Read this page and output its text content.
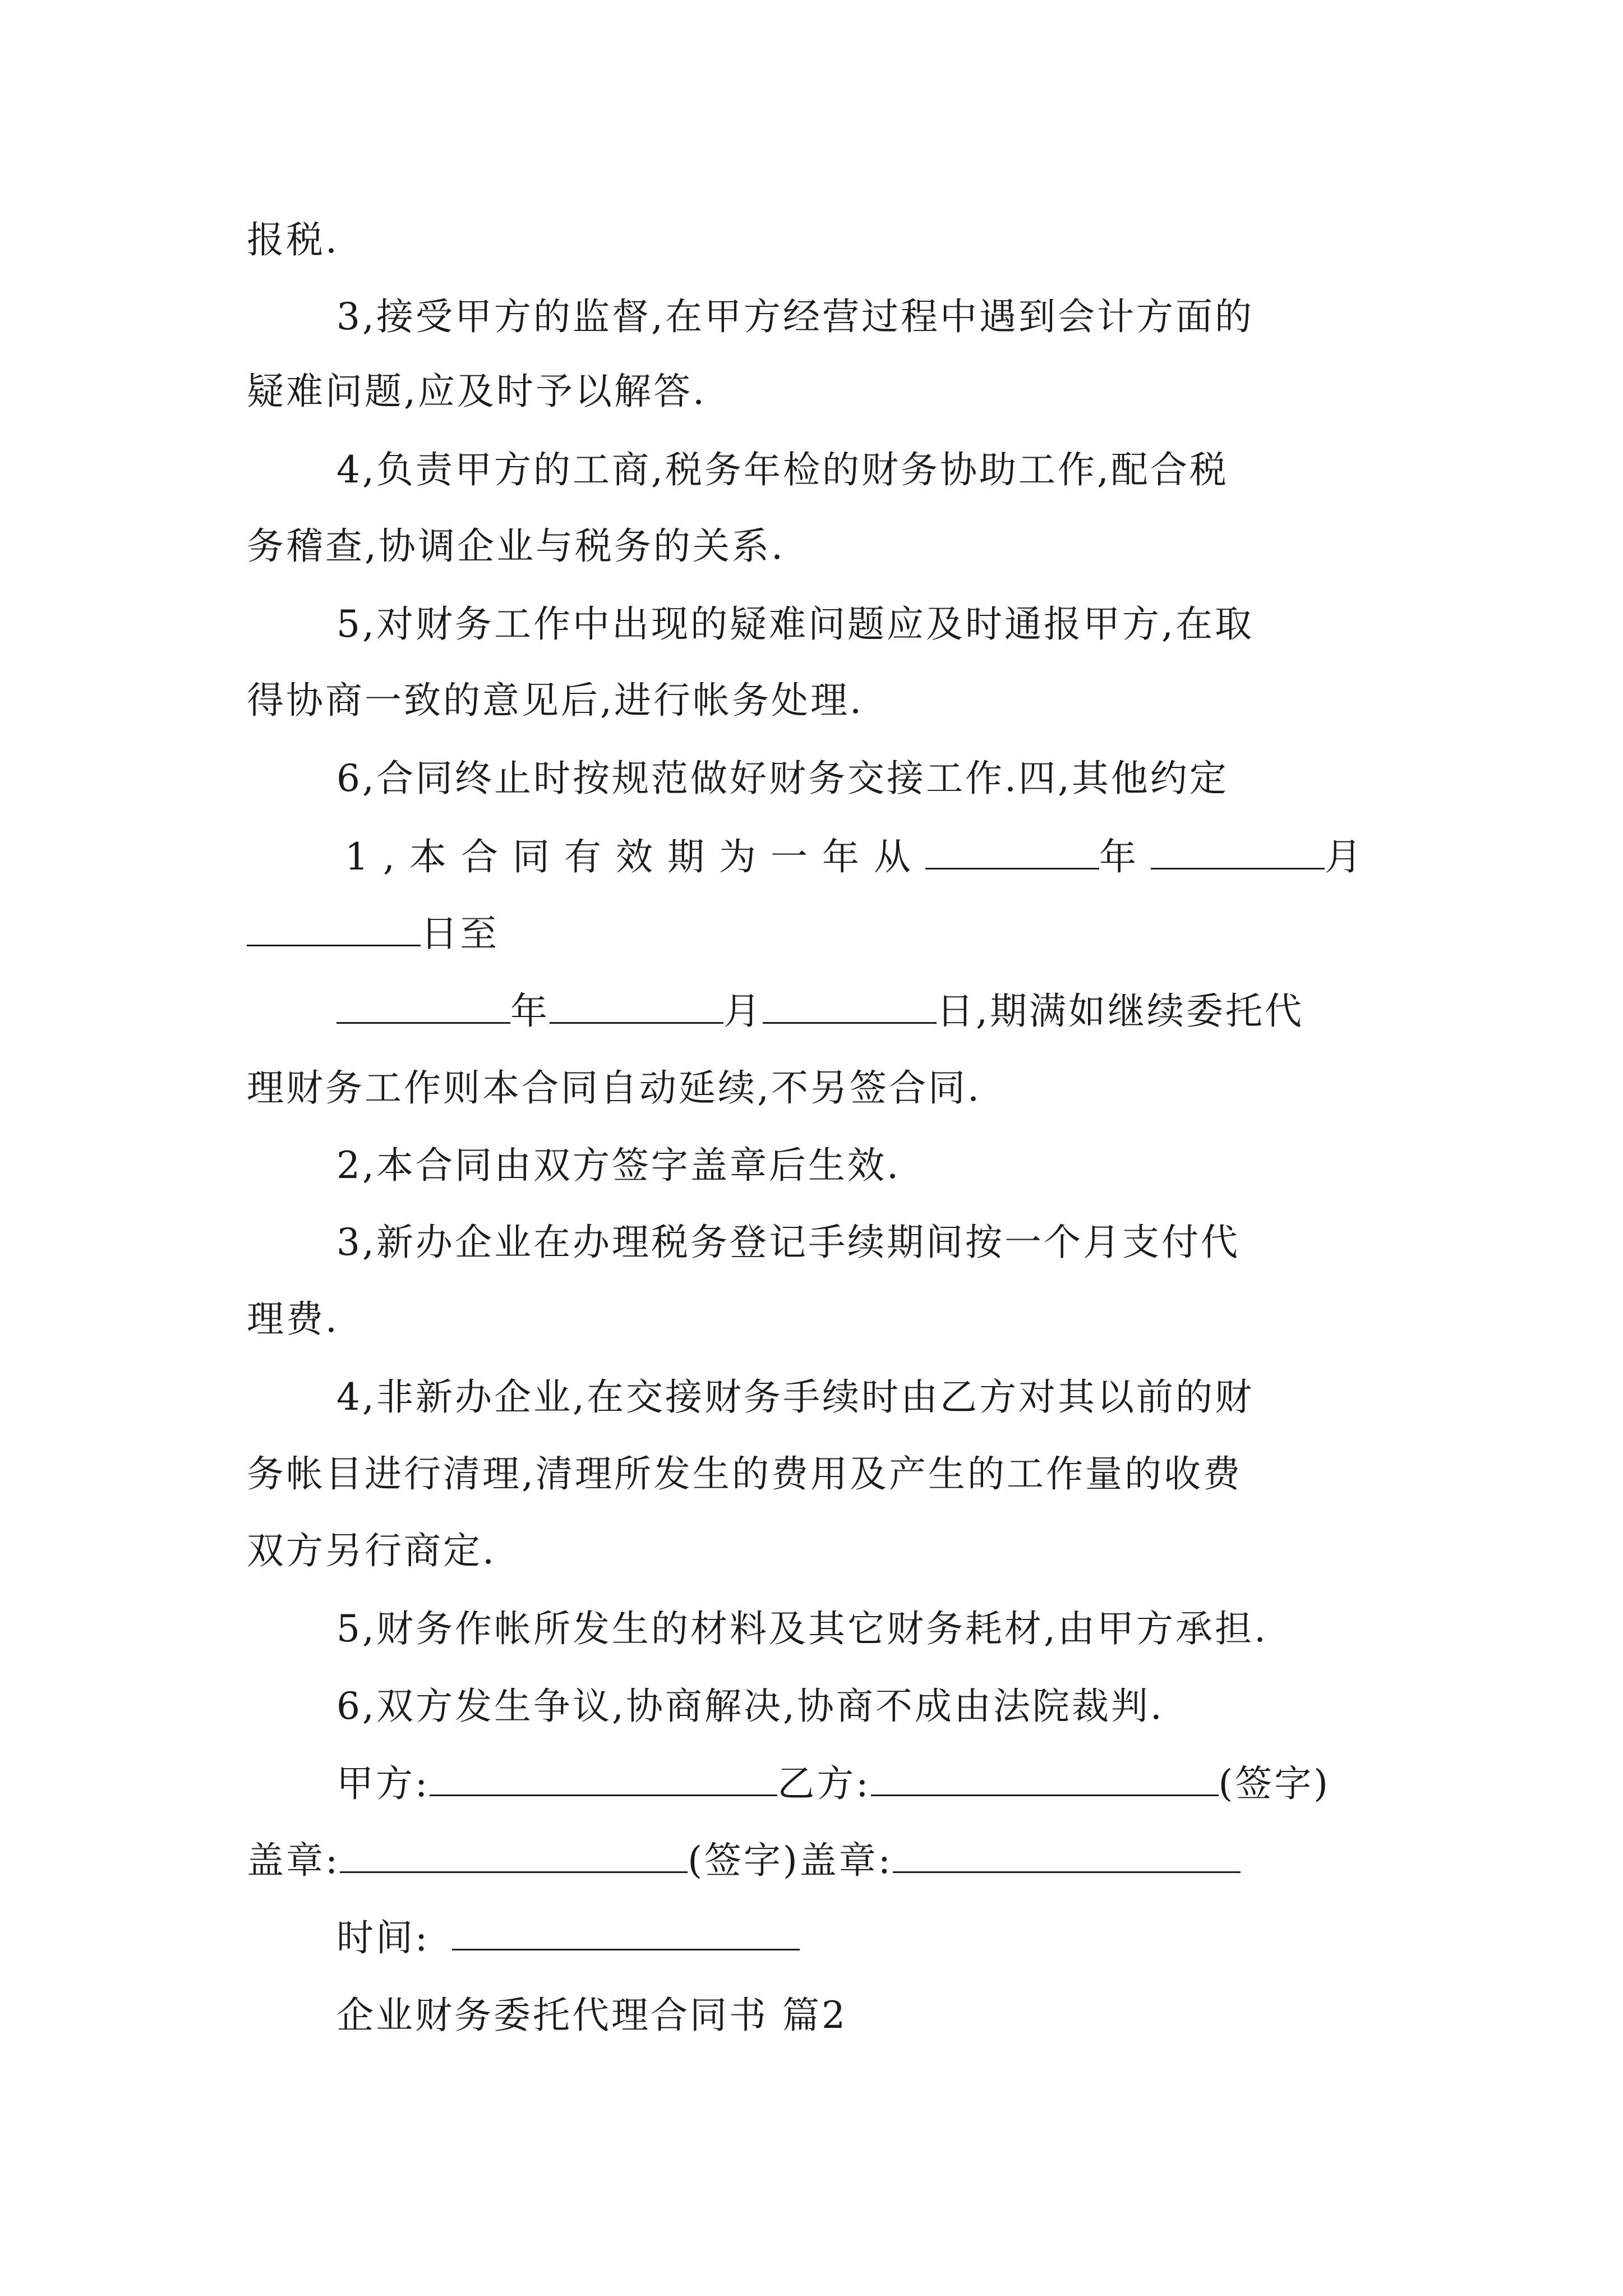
报税.
3,接受甲方的监督,在甲方经营过程中遇到会计方面的
疑难问题,应及时予以解答.
4,负责甲方的工商,税务年检的财务协助工作,配合税
务稽查,协调企业与税务的关系.
5,对财务工作中出现的疑难问题应及时通报甲方,在取
得协商一致的意见后,进行帐务处理.
6,合同终止时按规范做好财务交接工作.四,其他约定
1,本合同有效期为一年从	年	月
日至
年	月	日,期满如继续委托代
理财务工作则本合同自动延续,不另签合同.
2,本合同由双方签字盖章后生效.
3,新办企业在办理税务登记手续期间按一个月支付代
理费.
4,非新办企业,在交接财务手续时由乙方对其以前的财
务帐目进行清理,清理所发生的费用及产生的工作量的收费
双方另行商定.
5,财务作帐所发生的材料及其它财务耗材,由甲方承担.
6,双方发生争议,协商解决,协商不成由法院裁判.
甲方:	乙方:	(签字)
盖章:	(签字)盖章:
时间:
企业财务委托代理合同书 篇2
